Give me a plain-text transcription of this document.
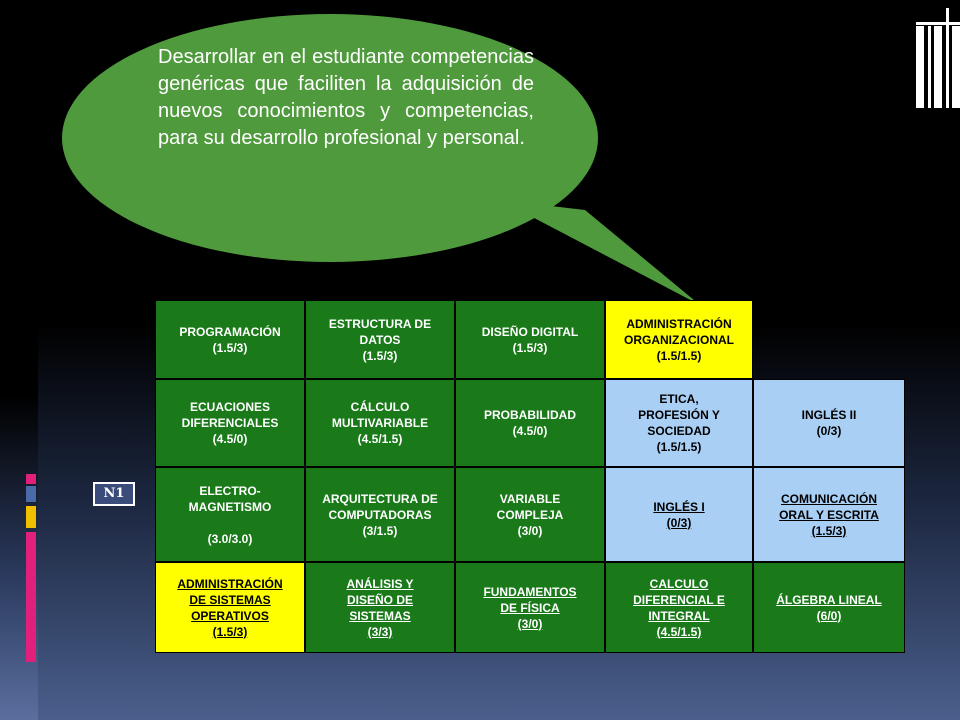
Desarrollar en el estudiante competencias genéricas que faciliten la adquisición de nuevos conocimientos y competencias, para su desarrollo profesional y personal.
N1
PROGRAMACIÓN
(1.5/3)
ESTRUCTURA DE
DATOS
(1.5/3)
DISEÑO DIGITAL
(1.5/3)
ADMINISTRACIÓN
ORGANIZACIONAL
(1.5/1.5)
ECUACIONES
DIFERENCIALES
(4.5/0)
CÁLCULO
MULTIVARIABLE
(4.5/1.5)
PROBABILIDAD
(4.5/0)
ETICA,
PROFESIÓN Y
SOCIEDAD
(1.5/1.5)
INGLÉS II
(0/3)
ELECTRO-
MAGNETISMO

(3.0/3.0)
ARQUITECTURA DE
COMPUTADORAS
(3/1.5)
VARIABLE
COMPLEJA
(3/0)
INGLÉS I
(0/3)
COMUNICACIÓN
ORAL Y ESCRITA
(1.5/3)
ADMINISTRACIÓN
DE SISTEMAS
OPERATIVOS
(1.5/3)
ANÁLISIS Y
DISEÑO DE
SISTEMAS
(3/3)
FUNDAMENTOS
DE FÍSICA
(3/0)
CALCULO
DIFERENCIAL E
INTEGRAL
(4.5/1.5)
ÁLGEBRA LINEAL
(6/0)
